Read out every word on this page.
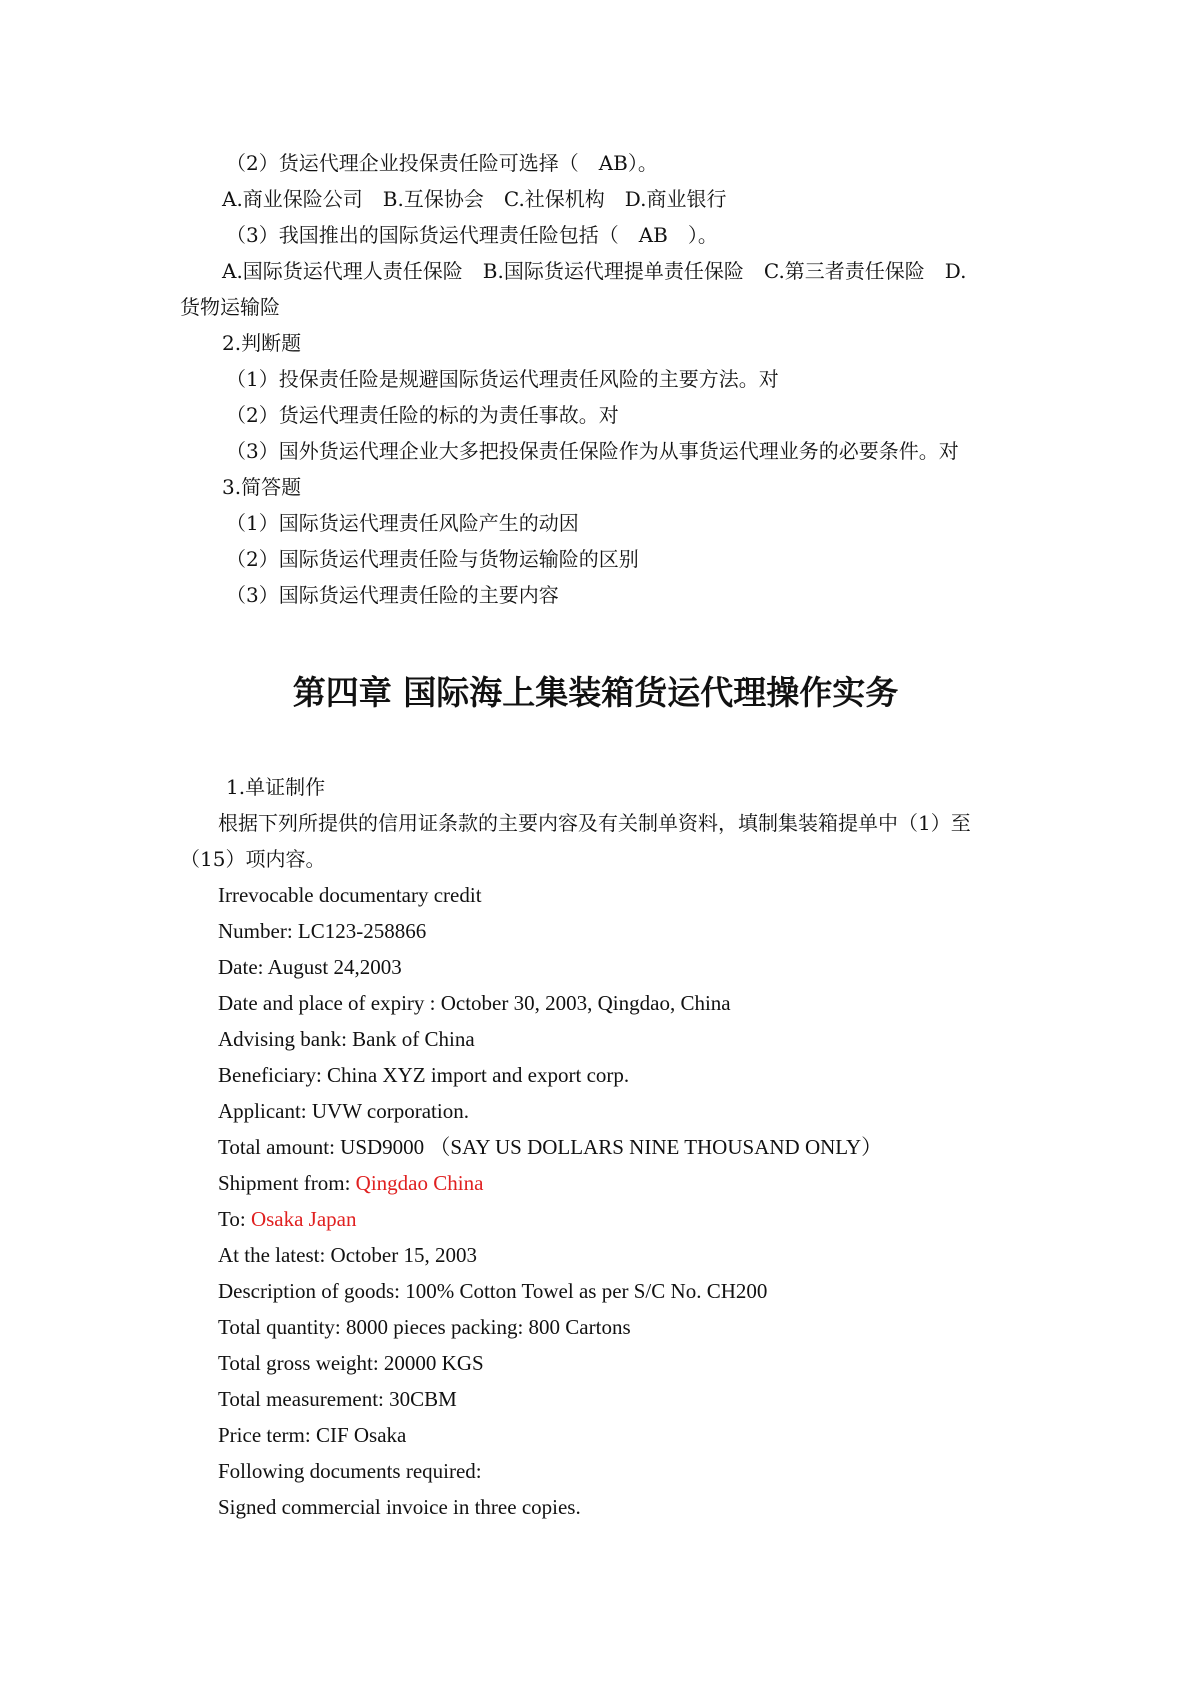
（2）货运代理企业投保责任险可选择（　AB）。

A.商业保险公司　B.互保协会　C.社保机构　D.商业银行

（3）我国推出的国际货运代理责任险包括（　AB　）。

A.国际货运代理人责任保险　B.国际货运代理提单责任保险　C.第三者责任保险　D.

货物运输险

2.判断题

（1）投保责任险是规避国际货运代理责任风险的主要方法。对

（2）货运代理责任险的标的为责任事故。对

（3）国外货运代理企业大多把投保责任保险作为从事货运代理业务的必要条件。对

3.简答题

（1）国际货运代理责任风险产生的动因

（2）国际货运代理责任险与货物运输险的区别

（3）国际货运代理责任险的主要内容

第四章 国际海上集装箱货运代理操作实务

1.单证制作

根据下列所提供的信用证条款的主要内容及有关制单资料，填制集装箱提单中（1）至

（15）项内容。

Irrevocable documentary credit

Number: LC123-258866

Date: August 24,2003

Date and place of expiry : October 30, 2003, Qingdao, China

Advising bank: Bank of China

Beneficiary: China XYZ import and export corp.

Applicant: UVW corporation.

Total amount: USD9000 （SAY US DOLLARS NINE THOUSAND ONLY）

Shipment from: Qingdao China

To: Osaka Japan

At the latest: October 15, 2003

Description of goods: 100% Cotton Towel as per S/C No. CH200

Total quantity: 8000 pieces packing: 800 Cartons

Total gross weight: 20000 KGS

Total measurement: 30CBM

Price term: CIF Osaka

Following documents required:

Signed commercial invoice in three copies.
